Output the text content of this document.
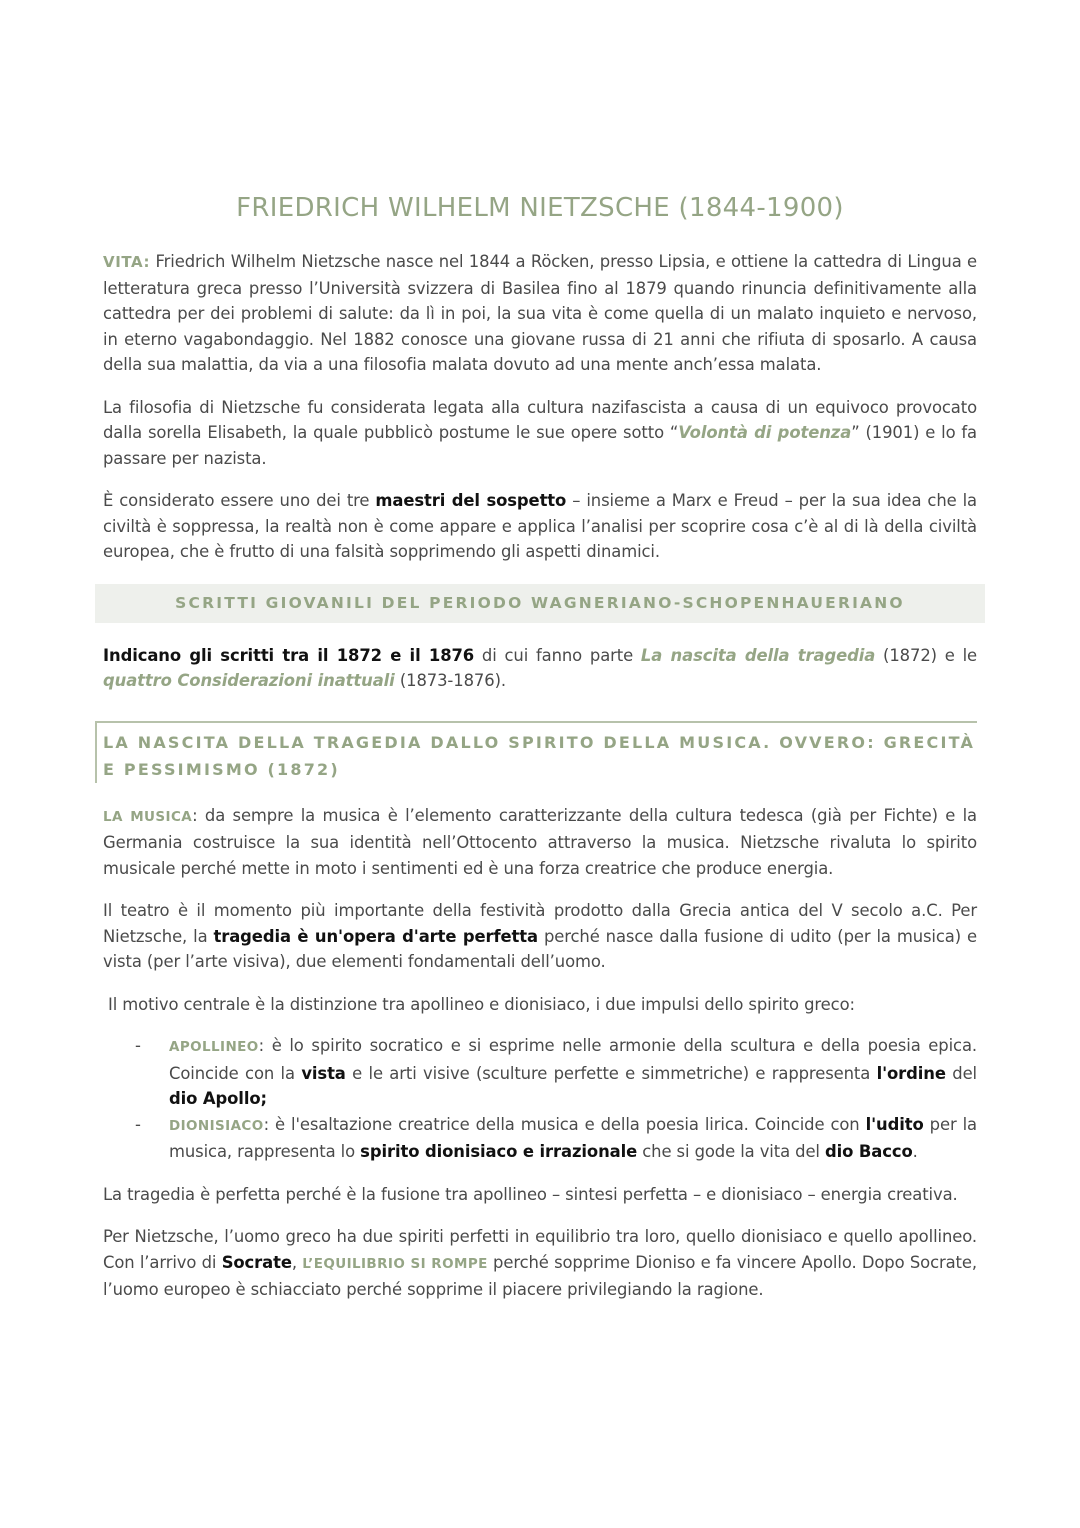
FRIEDRICH WILHELM NIETZSCHE (1844-1900)

VITA: Friedrich Wilhelm Nietzsche nasce nel 1844 a Röcken, presso Lipsia, e ottiene la cattedra di Lingua e letteratura greca presso l’Università svizzera di Basilea fino al 1879 quando rinuncia definitivamente alla cattedra per dei problemi di salute: da lì in poi, la sua vita è come quella di un malato inquieto e nervoso, in eterno vagabondaggio. Nel 1882 conosce una giovane russa di 21 anni che rifiuta di sposarlo. A causa della sua malattia, da via a una filosofia malata dovuto ad una mente anch’essa malata.

La filosofia di Nietzsche fu considerata legata alla cultura nazifascista a causa di un equivoco provocato dalla sorella Elisabeth, la quale pubblicò postume le sue opere sotto “Volontà di potenza” (1901) e lo fa passare per nazista.

È considerato essere uno dei tre maestri del sospetto – insieme a Marx e Freud – per la sua idea che la civiltà è soppressa, la realtà non è come appare e applica l’analisi per scoprire cosa c’è al di là della civiltà europea, che è frutto di una falsità sopprimendo gli aspetti dinamici.

SCRITTI GIOVANILI DEL PERIODO WAGNERIANO-SCHOPENHAUERIANO

Indicano gli scritti tra il 1872 e il 1876 di cui fanno parte La nascita della tragedia (1872) e le quattro Considerazioni inattuali (1873-1876).

LA NASCITA DELLA TRAGEDIA DALLO SPIRITO DELLA MUSICA. OVVERO: GRECITÀ E PESSIMISMO (1872)

LA MUSICA: da sempre la musica è l’elemento caratterizzante della cultura tedesca (già per Fichte) e la Germania costruisce la sua identità nell’Ottocento attraverso la musica. Nietzsche rivaluta lo spirito musicale perché mette in moto i sentimenti ed è una forza creatrice che produce energia.

Il teatro è il momento più importante della festività prodotto dalla Grecia antica del V secolo a.C. Per Nietzsche, la tragedia è un'opera d'arte perfetta perché nasce dalla fusione di udito (per la musica) e vista (per l’arte visiva), due elementi fondamentali dell’uomo.

Il motivo centrale è la distinzione tra apollineo e dionisiaco, i due impulsi dello spirito greco:

- APOLLINEO: è lo spirito socratico e si esprime nelle armonie della scultura e della poesia epica. Coincide con la vista e le arti visive (sculture perfette e simmetriche) e rappresenta l'ordine del dio Apollo;
- DIONISIACO: è l'esaltazione creatrice della musica e della poesia lirica. Coincide con l'udito per la musica, rappresenta lo spirito dionisiaco e irrazionale che si gode la vita del dio Bacco.

La tragedia è perfetta perché è la fusione tra apollineo – sintesi perfetta – e dionisiaco – energia creativa.

Per Nietzsche, l’uomo greco ha due spiriti perfetti in equilibrio tra loro, quello dionisiaco e quello apollineo. Con l’arrivo di Socrate, L’EQUILIBRIO SI ROMPE perché sopprime Dioniso e fa vincere Apollo. Dopo Socrate, l’uomo europeo è schiacciato perché sopprime il piacere privilegiando la ragione.
